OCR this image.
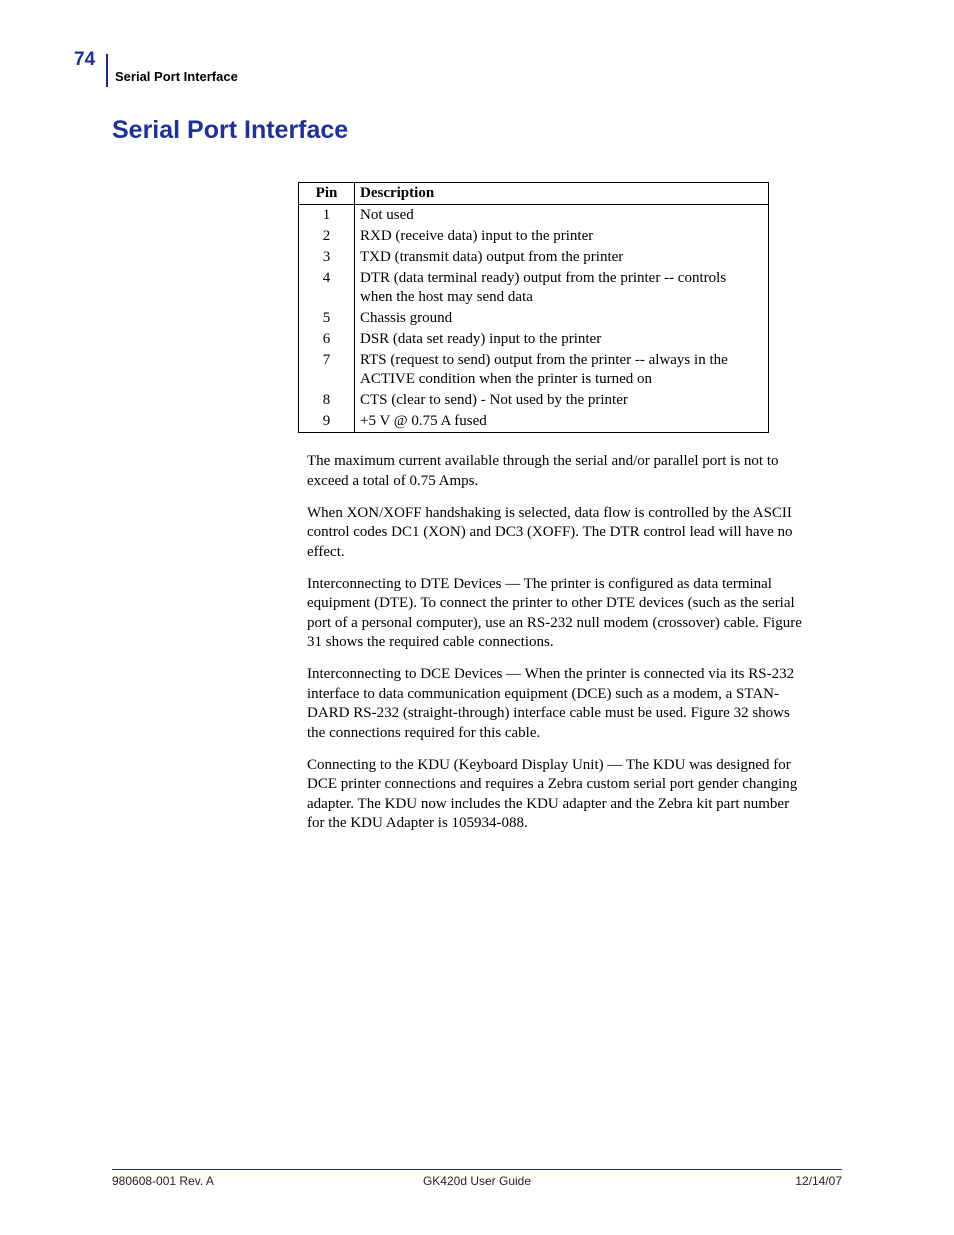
74
Serial Port Interface
Serial Port Interface
Pin	Description
1	Not used

2	RXD (receive data) input to the printer

3	TXD (transmit data) output from the printer

4	DTR (data terminal ready) output from the printer -- controls
when the host may send data

5	Chassis ground

6	DSR (data set ready) input to the printer

7	RTS (request to send) output from the printer -- always in the
ACTIVE condition when the printer is turned on

8	CTS (clear to send) - Not used by the printer

9	+5 V @ 0.75 A fused

The maximum current available through the serial and/or parallel port is not to
exceed a total of 0.75 Amps.

When XON/XOFF handshaking is selected, data flow is controlled by the ASCII
control codes DC1 (XON) and DC3 (XOFF). The DTR control lead will have no
effect.

Interconnecting to DTE Devices — The printer is configured as data terminal
equipment (DTE). To connect the printer to other DTE devices (such as the serial
port of a personal computer), use an RS-232 null modem (crossover) cable. Figure
31 shows the required cable connections.

Interconnecting to DCE Devices — When the printer is connected via its RS-232
interface to data communication equipment (DCE) such as a modem, a STAN-
DARD RS-232 (straight-through) interface cable must be used. Figure 32 shows
the connections required for this cable.

Connecting to the KDU (Keyboard Display Unit) — The KDU was designed for
DCE printer connections and requires a Zebra custom serial port gender changing
adapter. The KDU now includes the KDU adapter and the Zebra kit part number
for the KDU Adapter is 105934-088.

980608-001 Rev. A	GK420d User Guide	12/14/07
